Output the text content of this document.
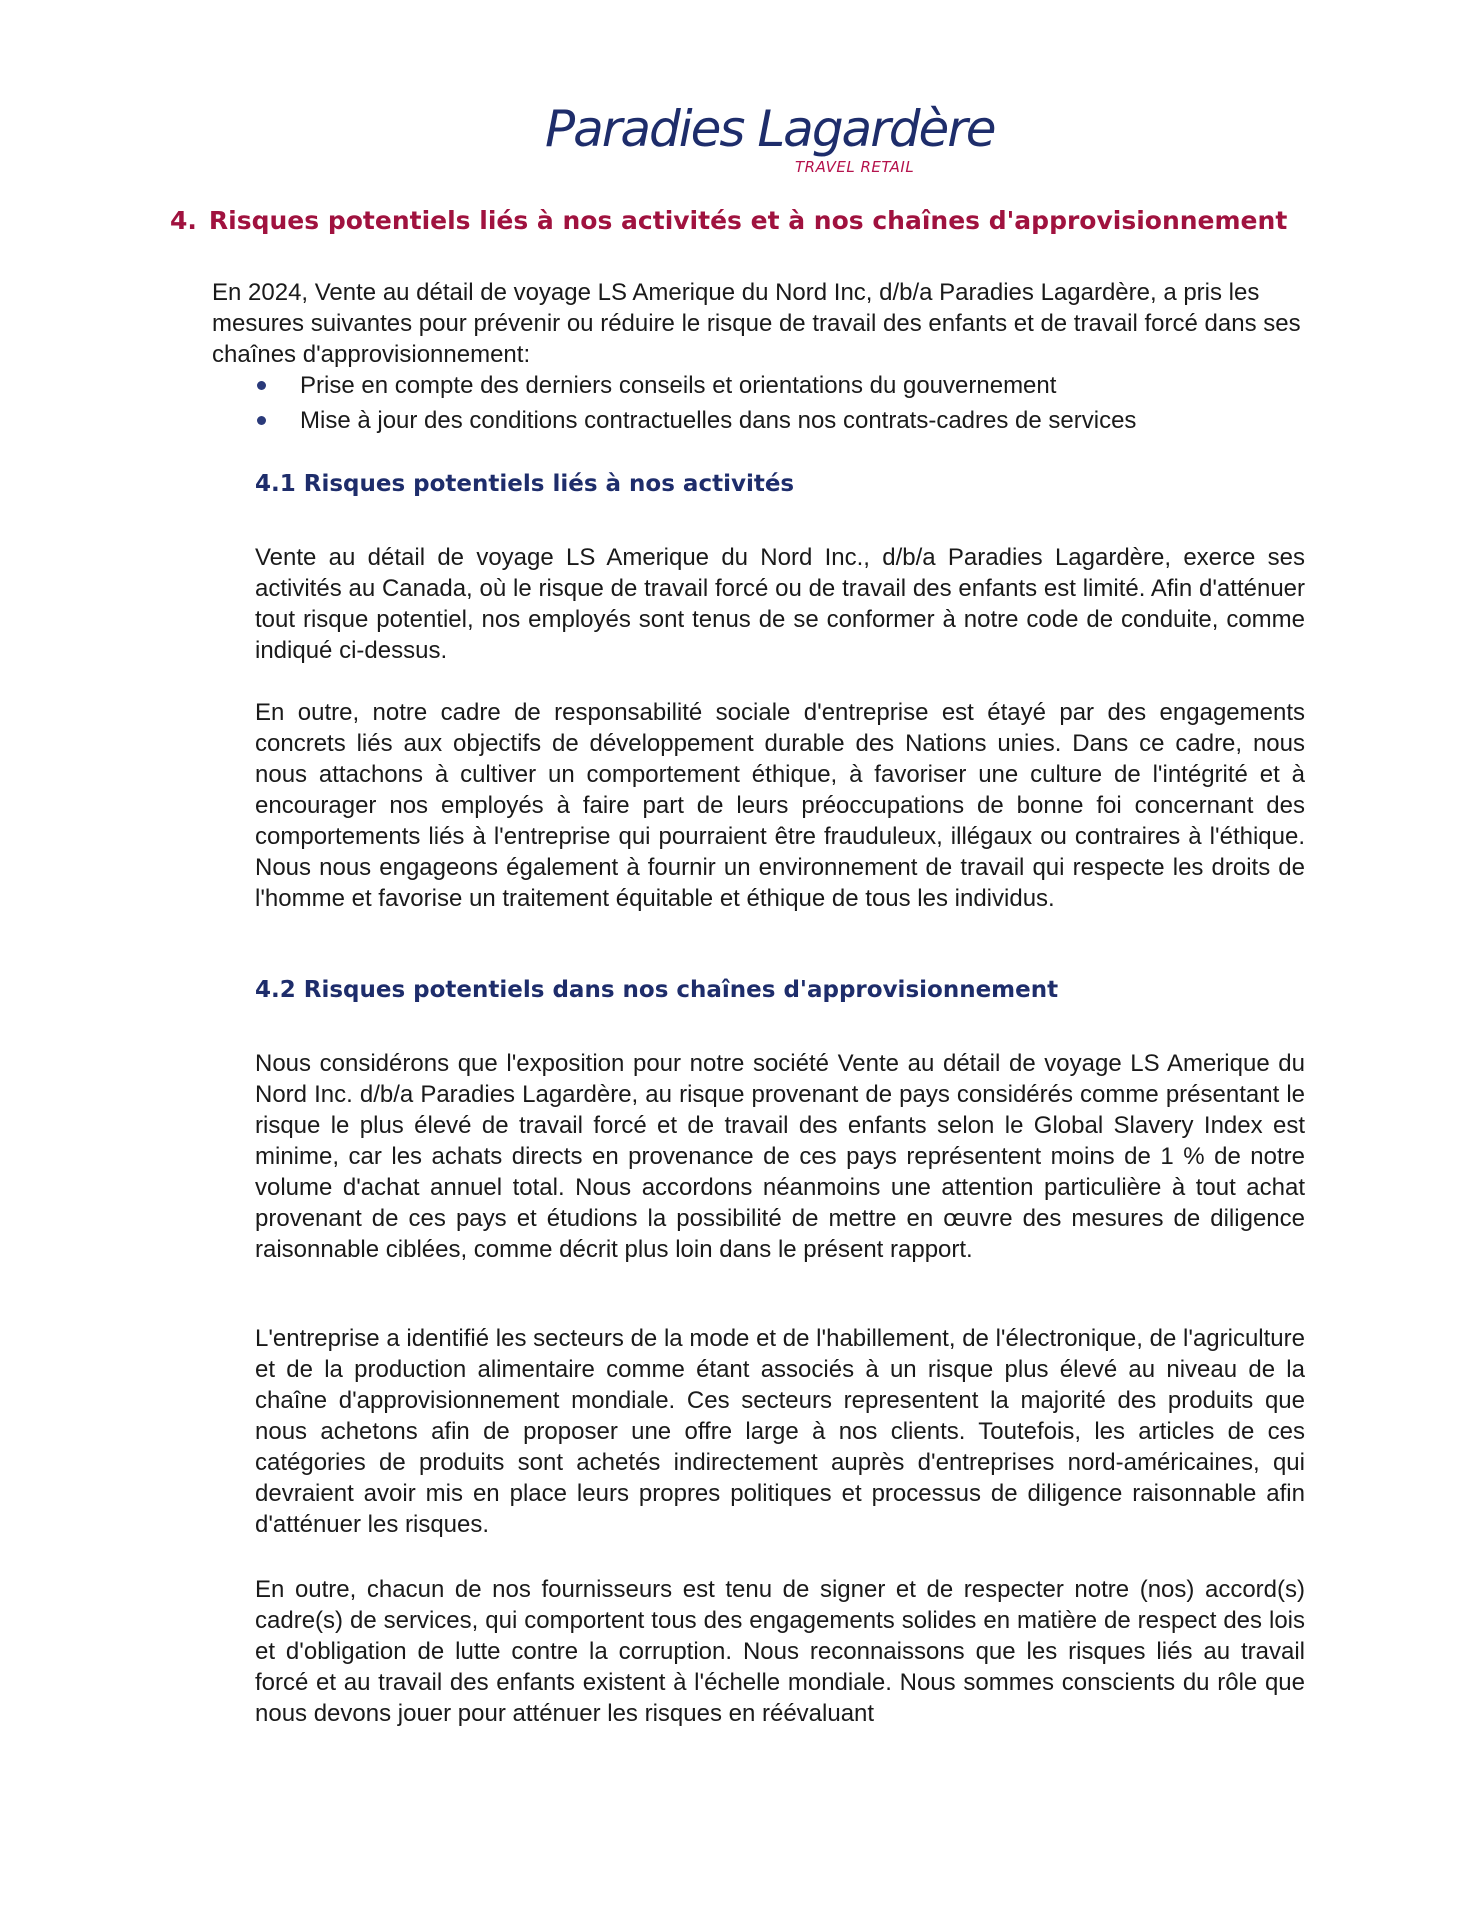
Paradies Lagardère
TRAVEL RETAIL
4. Risques potentiels liés à nos activités et à nos chaînes d'approvisionnement

En 2024, Vente au détail de voyage LS Amerique du Nord Inc, d/b/a Paradies Lagardère, a pris les mesures suivantes pour prévenir ou réduire le risque de travail des enfants et de travail forcé dans ses chaînes d'approvisionnement:

Prise en compte des derniers conseils et orientations du gouvernement
Mise à jour des conditions contractuelles dans nos contrats-cadres de services
4.1 Risques potentiels liés à nos activités

Vente au détail de voyage LS Amerique du Nord Inc., d/b/a Paradies Lagardère, exerce ses activités au Canada, où le risque de travail forcé ou de travail des enfants est limité. Afin d'atténuer tout risque potentiel, nos employés sont tenus de se conformer à notre code de conduite, comme indiqué ci-dessus.

En outre, notre cadre de responsabilité sociale d'entreprise est étayé par des engagements concrets liés aux objectifs de développement durable des Nations unies. Dans ce cadre, nous nous attachons à cultiver un comportement éthique, à favoriser une culture de l'intégrité et à encourager nos employés à faire part de leurs préoccupations de bonne foi concernant des comportements liés à l'entreprise qui pourraient être frauduleux, illégaux ou contraires à l'éthique. Nous nous engageons également à fournir un environnement de travail qui respecte les droits de l'homme et favorise un traitement équitable et éthique de tous les individus.

4.2 Risques potentiels dans nos chaînes d'approvisionnement

Nous considérons que l'exposition pour notre société Vente au détail de voyage LS Amerique du Nord Inc. d/b/a Paradies Lagardère, au risque provenant de pays considérés comme présentant le risque le plus élevé de travail forcé et de travail des enfants selon le Global Slavery Index est minime, car les achats directs en provenance de ces pays représentent moins de 1 % de notre volume d'achat annuel total. Nous accordons néanmoins une attention particulière à tout achat provenant de ces pays et étudions la possibilité de mettre en œuvre des mesures de diligence raisonnable ciblées, comme décrit plus loin dans le présent rapport.

L'entreprise a identifié les secteurs de la mode et de l'habillement, de l'électronique, de l'agriculture et de la production alimentaire comme étant associés à un risque plus élevé au niveau de la chaîne d'approvisionnement mondiale. Ces secteurs representent la majorité des produits que nous achetons afin de proposer une offre large à nos clients. Toutefois, les articles de ces catégories de produits sont achetés indirectement auprès d'entreprises nord-américaines, qui devraient avoir mis en place leurs propres politiques et processus de diligence raisonnable afin d'atténuer les risques.

En outre, chacun de nos fournisseurs est tenu de signer et de respecter notre (nos) accord(s) cadre(s) de services, qui comportent tous des engagements solides en matière de respect des lois et d'obligation de lutte contre la corruption. Nous reconnaissons que les risques liés au travail forcé et au travail des enfants existent à l'échelle mondiale. Nous sommes conscients du rôle que nous devons jouer pour atténuer les risques en réévaluant
